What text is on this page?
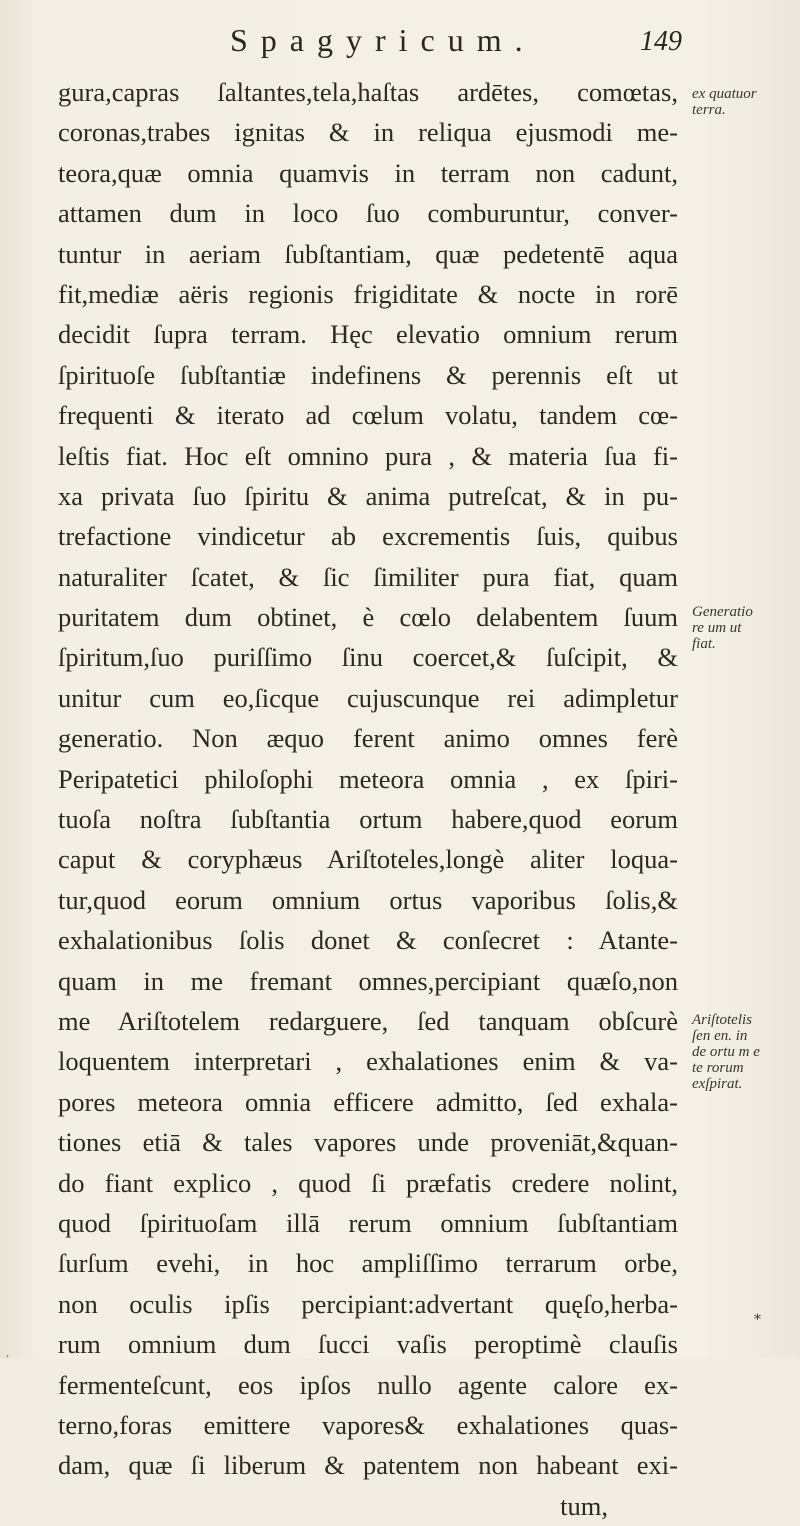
Spagyricum.	149
gura,capras ſaltantes,tela,haſtas ardētes, comœtas,
coronas,trabes ignitas & in reliqua ejusmodi me-
teora,quæ omnia quamvis in terram non cadunt,
attamen dum in loco ſuo comburuntur, conver-
tuntur in aeriam ſubſtantiam, quæ pedetentē aqua
fit,mediæ aëris regionis frigiditate & nocte in rorē
decidit ſupra terram. Hęc elevatio omnium rerum
ſpirituoſe ſubſtantiæ indefinens & perennis eſt ut
frequenti & iterato ad cœlum volatu, tandem cœ-
leſtis fiat. Hoc eſt omnino pura , & materia ſua fi-
xa privata ſuo ſpiritu & anima putreſcat, & in pu-
trefactione vindicetur ab excrementis ſuis, quibus
naturaliter ſcatet, & ſic ſimiliter pura fiat, quam
puritatem dum obtinet, è cœlo delabentem ſuum
ſpiritum,ſuo puriſſimo ſinu coercet,& ſuſcipit, &
unitur cum eo,ſicque cujuscunque rei adimpletur
generatio. Non æquo ferent animo omnes ferè
Peripatetici philoſophi meteora omnia , ex ſpiri-
tuoſa noſtra ſubſtantia ortum habere,quod eorum
caput & coryphæus Ariſtoteles,longè aliter loqua-
tur,quod eorum omnium ortus vaporibus ſolis,&
exhalationibus ſolis donet & conſecret : Atante-
quam in me fremant omnes,percipiant quæſo,non
me Ariſtotelem redarguere, ſed tanquam obſcurè
loquentem interpretari , exhalationes enim & va-
pores meteora omnia efficere admitto, ſed exhala-
tiones etiā & tales vapores unde proveniāt,&quan-
do fiant explico , quod ſi præfatis credere nolint,
quod ſpirituoſam illā rerum omnium ſubſtantiam
ſurſum evehi, in hoc ampliſſimo terrarum orbe,
non oculis ipſis percipiant:advertant quęſo,herba-
rum omnium dum ſucci vaſis peroptimè clauſis
fermenteſcunt, eos ipſos nullo agente calore ex-
terno,foras emittere vapores& exhalationes quas-
dam, quæ ſi liberum & patentem non habeant exi-
tum,
ex quatuor
terra.
Generatio
re um ut
fiat.
Ariſtotelis
ſen en. in
de ortu m e
te rorum
exſpirat.
*
‚
